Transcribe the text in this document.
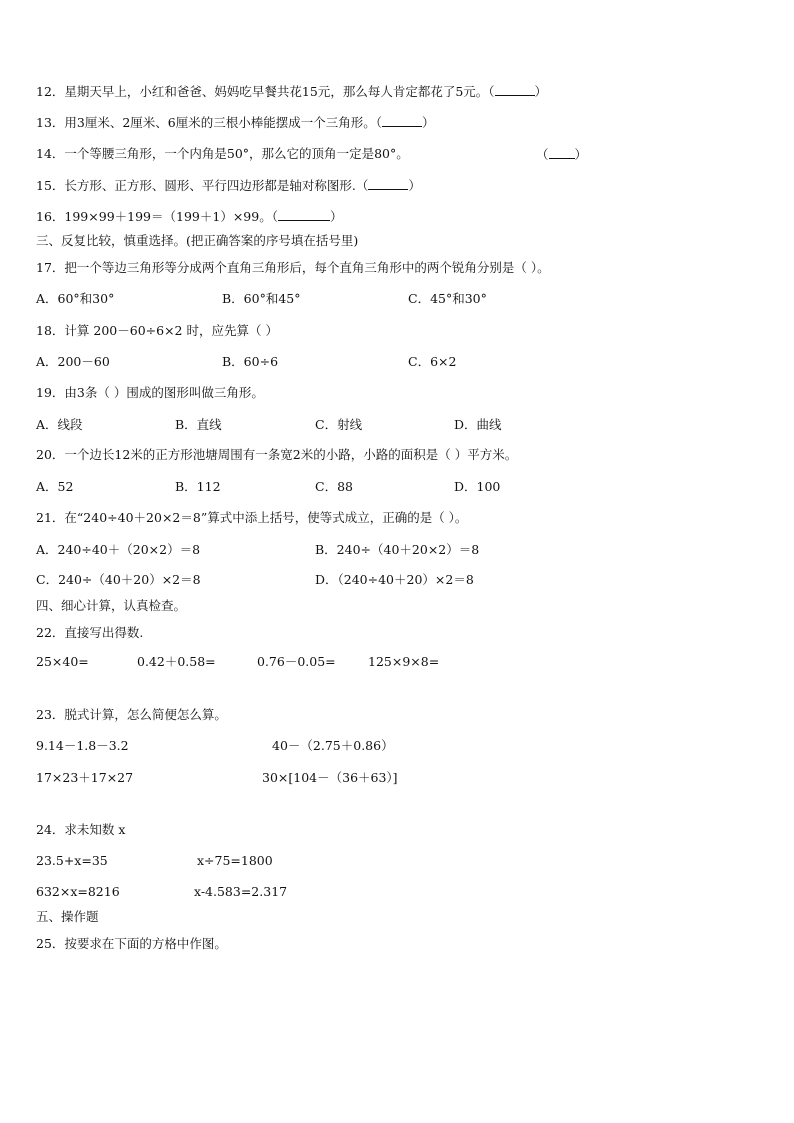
12．星期天早上，小红和爸爸、妈妈吃早餐共花15元，那么每人肯定都花了5元。（	）
13．用3厘米、2厘米、6厘米的三根小棒能摆成一个三角形。（	）
14．一个等腰三角形，一个内角是50°，那么它的顶角一定是80°。	（ ）
15．长方形、正方形、圆形、平行四边形都是轴对称图形.（	）
16．199×99＋199＝（199＋1）×99。（	）
三、反复比较，慎重选择。(把正确答案的序号填在括号里)
17．把一个等边三角形等分成两个直角三角形后，每个直角三角形中的两个锐角分别是（ ）。
A．60°和30°	B．60°和45°	C．45°和30°
18．计算 200－60÷6×2 时，应先算（ ）
A．200－60	B．60÷6	C．6×2
19．由3条（ ）围成的图形叫做三角形。
A．线段	B．直线	C．射线	D．曲线
20．一个边长12米的正方形池塘周围有一条宽2米的小路，小路的面积是（ ）平方米。
A．52	B．112	C．88	D．100
21．在“240÷40＋20×2＝8”算式中添上括号，使等式成立，正确的是（ ）。
A．240÷40＋（20×2）＝8	B．240÷（40＋20×2）＝8
C．240÷（40＋20）×2＝8	D．（240÷40＋20）×2＝8
四、细心计算，认真检查。
22．直接写出得数.
25×40=	0.42＋0.58=	0.76－0.05=	125×9×8=
23．脱式计算，怎么简便怎么算。
9.14－1.8－3.2	40－（2.75＋0.86）
17×23＋17×27	30×[104－（36＋63）]
24．求未知数 x
23.5+x=35	x÷75=1800
632×x=8216	x-4.583=2.317
五、操作题
25．按要求在下面的方格中作图。
